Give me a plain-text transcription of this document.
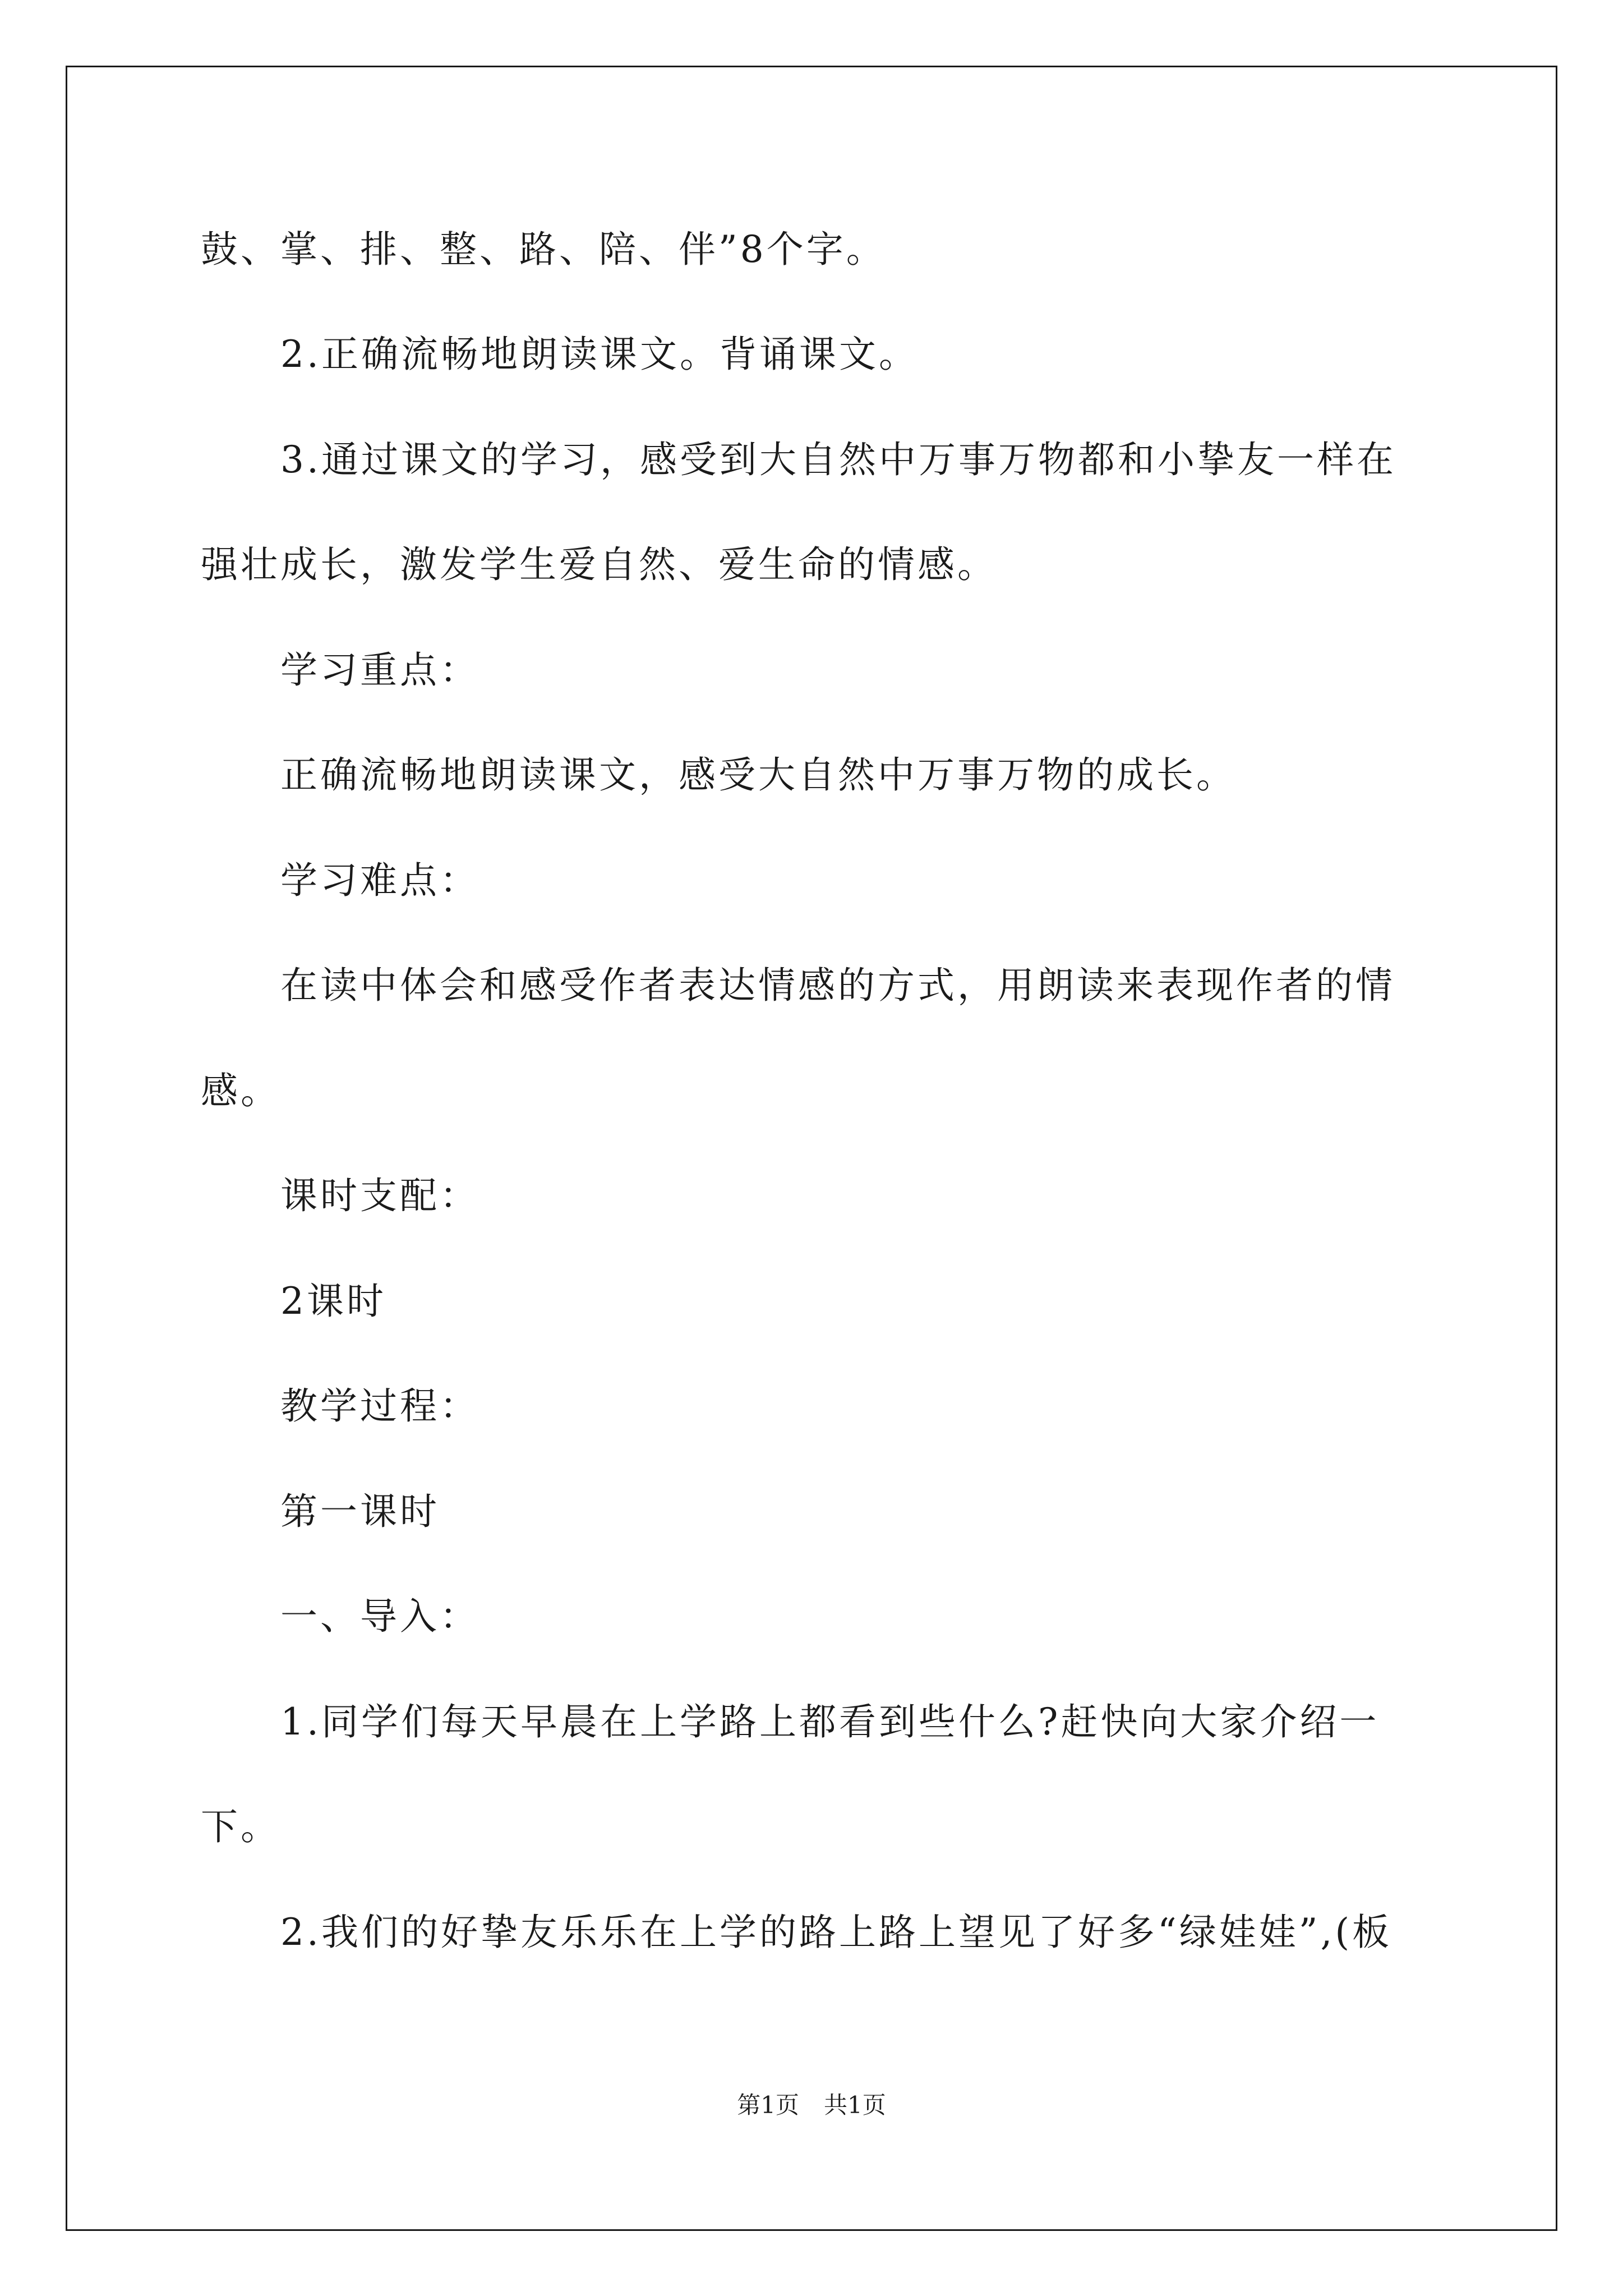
鼓、掌、排、整、路、陪、伴”8个字。
2.正确流畅地朗读课文。背诵课文。
3.通过课文的学习，感受到大自然中万事万物都和小挚友一样在
强壮成长，激发学生爱自然、爱生命的情感。
学习重点：
正确流畅地朗读课文，感受大自然中万事万物的成长。
学习难点：
在读中体会和感受作者表达情感的方式，用朗读来表现作者的情
感。
课时支配：
2课时
教学过程：
第一课时
一、导入：
1.同学们每天早晨在上学路上都看到些什么?赶快向大家介绍一
下。
2.我们的好挚友乐乐在上学的路上路上望见了好多“绿娃娃”,(板
第1页 共1页
